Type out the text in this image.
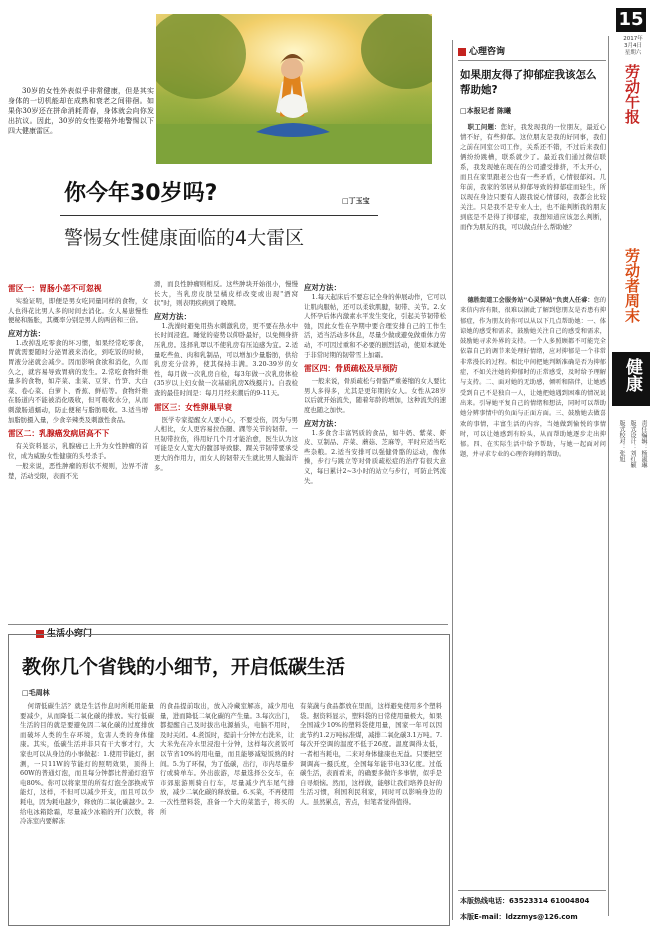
15
2017年
3月4日
星期六
劳动午报
劳动者周末
健康
责任编辑：杨淑琳
版式设计：刘红颖
版式校对：张旭
30岁的女性外表似乎非常健康，但是其实身体的一切机能却在成熟和衰老之间徘徊。如果你30岁还在拼命消耗青春，身体就会向你发出抗议。因此，30岁的女性要格外地警惕以下四大健康雷区。
你今年30岁吗?	□丁玉宝
警惕女性健康面临的4大雷区
雷区一：胃肠小恙不可忽视

实验证明，即便是男女吃同量同样的食物，女人也得花比男人多的时间去消化。女人易患慢性便秘和肠胀，其概率分别是男人的两倍和三倍。

应对方法：

1.改掉乱吃零食的坏习惯，如果经常吃零食，胃就需要随时分泌胃液来消化，到吃饭的时候，胃液分泌就会减少。因而影响食欲和消化，久而久之，就容易导致胃病的发生。2.常吃食物纤维量多的食物，如芹菜、韭菜、豆芽、竹笋、大白菜、卷心菜、白萝卜、香蕉、鲜桔等。食物纤维在肠道内不能被消化吸收，但可吸收水分，从而刺激肠道蠕动，防止便秘与脂肪吸收。3.适当增加脂肪摄入量，少食辛辣类及刺激性食品。

雷区二：乳腺癌发病居高不下

有关资料显示，乳腺癌已上升为女性肿瘤的首位，成为威胁女性健康的头号杀手。

一般来说，恶性肿瘤的形状不规则，边界不清楚，活动受限，表面不光

滑，而良性肿瘤则相反。这些肿块开始很小，慢慢长大，当乳房皮肤呈橘皮样改变或出现"酒窝状"时，则表明疾病到了晚期。

应对方法：

1.洗澡时避免用热水刺激乳房，更不要在热水中长时间浸泡。睡觉的姿势以仰卧最好，以免侧身挤压乳房。选择乳罩以不使乳房有压迫感为宜。2.适量吃些鱼、肉和乳制品，可以增加少量脂肪，供给乳房充分营养，使其保持丰满。3.20-39岁的女性，每月做一次乳房自检，每3年做一次乳房体检(35岁以上妇女做一次基础乳房X线摄片)。自我检查的最佳时间是：每月月经来潮后的9-11天。

雷区三：女性卵巢早衰

医学专家提醒女人要小心，不要受伤，因为与男人相比，女人更容易拉伤腿、踝等关节的韧带。一旦韧带拉伤，得用好几个月才能治愈，医生认为这可能是女人宽大的髋部导致膝、踝关节韧带要承受更大的作用力，而女人的韧带天生就比男人脆弱许多。

应对方法：

1.每天起床后不要忘记全身的伸展动作，它可以让肌肉服帖，还可以柔软肌腱，韧带、关节。2.女人怀孕后体内激素水平发生变化，引起关节韧带松弛，因此女性在孕期中要合理安排自己的工作生活，适当活动多休息，尽量少做或避免做重体力劳动，不可因过重和不必要的剧烈活动，使原本就处于非常时期的韧带雪上加霜。

雷区四：骨质疏松及早预防

一般来说，骨质疏松与骨骼严重萎缩的女人要比男人多得多，尤其是更年期的女人。女性从28岁以后就开始流失，随着年龄的增加，这种流失的速度也随之加快。

应对方法：

1.多食含丰富钙质的食品，如牛奶、紫菜、虾皮、豆制品、芹菜、蘑菇、芝麻等，平时应适当吃些杂粮。2.适当安排可以强健骨骼的运动，像体操，步行与跳立等对骨质疏松症的治疗有很大意义，每日累计2~3小时的站立与步行，可防止钙流失。

生活小窍门
教你几个省钱的小细节，开启低碳生活
□毛周林

何谓低碳生活？就是生活作息时所耗用能量要减少，从而降低二氧化碳的排放。实行低碳生活的目的就是要避免因二氧化碳的过度排放而破坏人类的生存环境，危害人类的身体健康。其实，低碳生活并非只有干大事才行，大家也可以从身边的小事做起：1.使用节能灯，据测，一只11W的节能灯的照明效果，顶得上60W的普通灯泡，而且每分钟都比普通灯泡节电80%。你可以将家里的所有灯泡全部换成节能灯，这样，不但可以减少开支，而且可以少耗电，因为耗电越少，释放的二氧化碳越少。2.给电冰箱除霜，尽量减少冰箱的开门次数，将冷冻室内要解冻

的食品提前取出，放入冷藏室解冻，减少用电量，进而降低二氧化碳的产生量。3.每次出门，都提醒自己及时拔出电源插头，电脑不用时，及时关闭。4.煮饭时，提前十分钟左右洗米，让大米先在冷水里浸泡十分钟，这样每次煮饭可以节省10%的用电量，而且能够减短饭熟的时间。5.为了环保，为了低碳，出行，市内尽量步行或骑单车。外出旅游，尽量选择公交车，在市郊旅游则骑自行车，尽量减少汽车尾气排放，减少二氧化碳的释放量。6.买菜，不再使用一次性塑料袋，准备一个大的菜篮子，将买的所

有菜蔬与食品都放在里面，这样避免使用多个塑料袋。据资料显示，塑料袋的日常使用量极大，如果全国减少10%的塑料袋使用量，国家一年可以因此节约1.2万吨标准煤，减排二氧化碳3.1万吨。7.每次开空调的温度不低于26度。温度调得太低，一者相当耗电，二来对身体健康也无益。只要把空调调高一摄氏度，全国每年能节电33亿度。过低碳生活，表面看来，的确要多做许多事情，似乎是自寻烦恼。然而，这样做，能够让我们培养良好的生活习惯，利国利民利家，同时可以影响身边的人。虽然累点，苦点，但笔者觉得值得。

心理咨询
如果朋友得了抑郁症我该怎么帮助她?
□本报记者 陈曦

职工问题：您好，我发现我的一位朋友，最近心情不好，有些抑郁。这位朋友是我的好同事，我们之前在同室公司工作，关系还不错，不过后来我们俩纷纷跳槽，联系就少了。最近我们通过微信联系，我发现她在现在的公司遭受排挤，不太开心，而且在家里跟老公也有一些矛盾，心情很郁闷。几年前，我家的邻居从抑郁导致的抑郁症而轻生，所以现在身边只要有人跟我说心情郁闷，我都会比较关注。只是我不是专业人士，也不能判断我的朋友到底是不是得了抑郁症，我想知道应该怎么判断，而作为朋友的我，可以做点什么帮助她？

德胜街道工会服务站"心灵驿站"负责人任睿：您的来信内容有限，很难以据此了解到您朋友是否患有抑郁症，作为朋友的你可以从以下几点帮助她：一、体谅她的感受和需求，鼓励她关注自己的感受和需求，鼓励她寻求外界的支持。一个人多照顾都不可能完全依靠自己的调节来处理好情绪，应对抑郁是一个非常非常漫长的过程。相比中间把她判断准确是否为抑郁症，不如关注她的抑郁时的正常感受，及时给予理解与支持。二、面对她的无助感，倾听和陪伴，让她感受到自己不是独自一人，让她把她遇到困难的情况说出来。引导她平复自己的情绪和想法，同时可以帮助她分辨事情中的负面与正面方面。三、鼓励她去做喜欢的事情，丰富生活的内容，当她做到愉悦的事情时，可以让她感到有盼头，从而帮助她逐步走出抑郁。四、在实际生活中给予帮助，与她一起面对问题，并寻求专业的心理咨询师的帮助。

本版热线电话：63523314 61004804
本版E-mail：ldzzmys@126.com
